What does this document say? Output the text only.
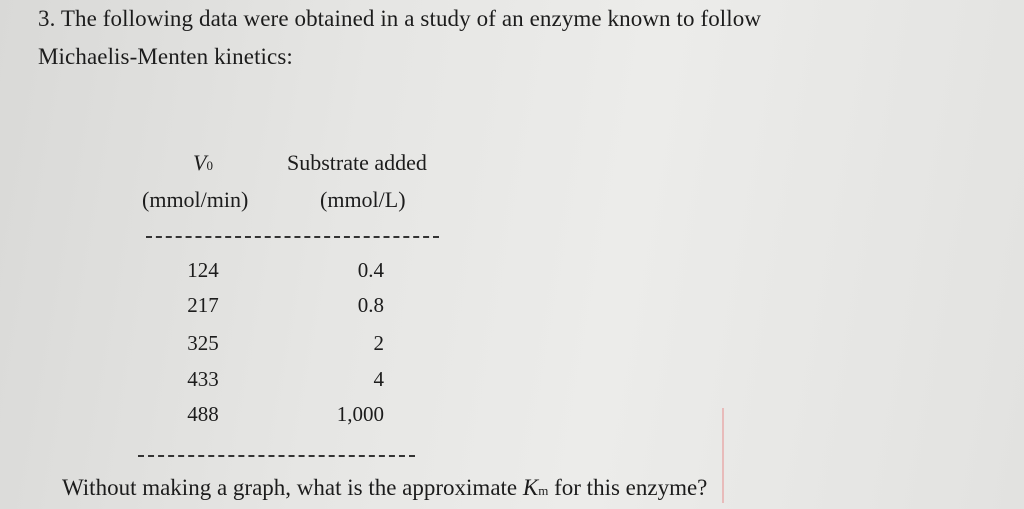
3. The following data were obtained in a study of an enzyme known to follow
Michaelis-Menten kinetics:
V0	Substrate added
(mmol/min)	(mmol/L)
124	0.4
217	0.8
325	2
433	4
488	1,000
Without making a graph, what is the approximate Km for this enzyme?
